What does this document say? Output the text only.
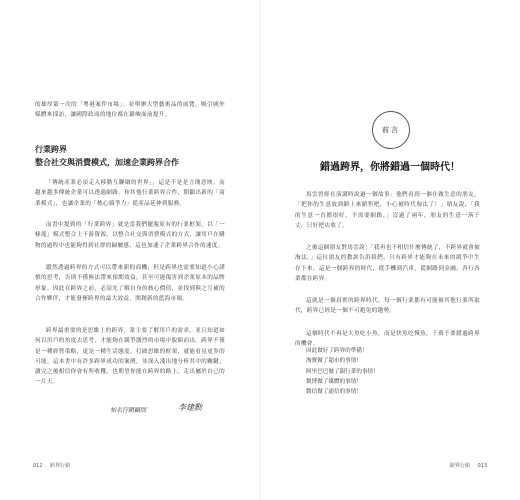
的雄厚第一次的「粵港案件市場」。並舉辦大型藝術品的展覽，吸引國外媒體來採訪，讓國際政商的地位都在嚴峻面前提升。
行業跨界
整合社交與消費模式，加速企業跨界合作
「傳統產業必須走入移動互聯網的世界」，這是不是是言簡意賅。而越來越多傳統企業可以透過網路，和其他行業跨界合作，開闢出新的「商業模式」，也讓企業的「核心競爭力」從產品延伸到服務。
而書中提到的「行業跨界」就是當我們擺脫原有的行業框架，以「一條龍」模式整合上下游資源，以整合社交與消費模式的方式，讓用戶在購物的過程中也能夠得到社群的歸屬感，這也加速了企業跨界合作的速度。
縱然透過跨界的方式可以帶來新的商機，但是跨界也需要知道小心謹慎的思考，否則不僅無法帶來預期效益，甚至可能傷害到企業原本的品牌形象。因此在跨界之前，必須先了解自身的核心價值，並找到與之互補的合作夥伴，才能發揮跨界的最大效益，開創新的藍海市場。
跨界最重要的是思維上的跨界，業主要了解用戶的需求，並且知道如何以用戶的角度去思考，才能夠在競爭激烈的市場中脫穎而出。跨界不僅是一種經營策略，更是一種生活態度。打破思維的框架，就能看見更多的可能。這本書中有許多跨界成功的案例，並深入淺出地分析其中的關鍵，讀完之後相信你會有所收穫，也期望你能在跨界的路上，走出屬於自己的一片天。
知名行銷顧問	李建勳
012 跨界行銷
前言
錯過跨界，你將錯過一個時代！
馬雲曾經在演講時說過一個故事：他們看到一個在做生意的朋友，「把你的生意放到網上來銷售吧，小心被時代淘汰了！」朋友說，「我的生意一直都很好，不需要網路。」沒過了兩年，朋友的生意一落千丈，只好把店收了。
之後這個朋友對馬雲說：「我再也不相信什麼傳統了，不跨界就會被淘汰。」這位朋友的教訓告訴我們，只有跨界才能夠在未來的競爭中生存下來。這是一個跨界的時代，從手機到汽車，從網路到金融，各行各業都在跨界。
這就是一個真實的跨界時代，每一個行業都有可能被其他行業所取代，跨界已經是一個不可避免的趨勢。
這個時代不再是大魚吃小魚，而是快魚吃慢魚，千萬不要錯過跨界的機會。
因此做好了跨界的準備！
淘寶做了超市的事情！
阿里巴巴做了銀行業的事情！
微博做了媒體的事情！
微信做了通信的事情！
跨界行銷 013
